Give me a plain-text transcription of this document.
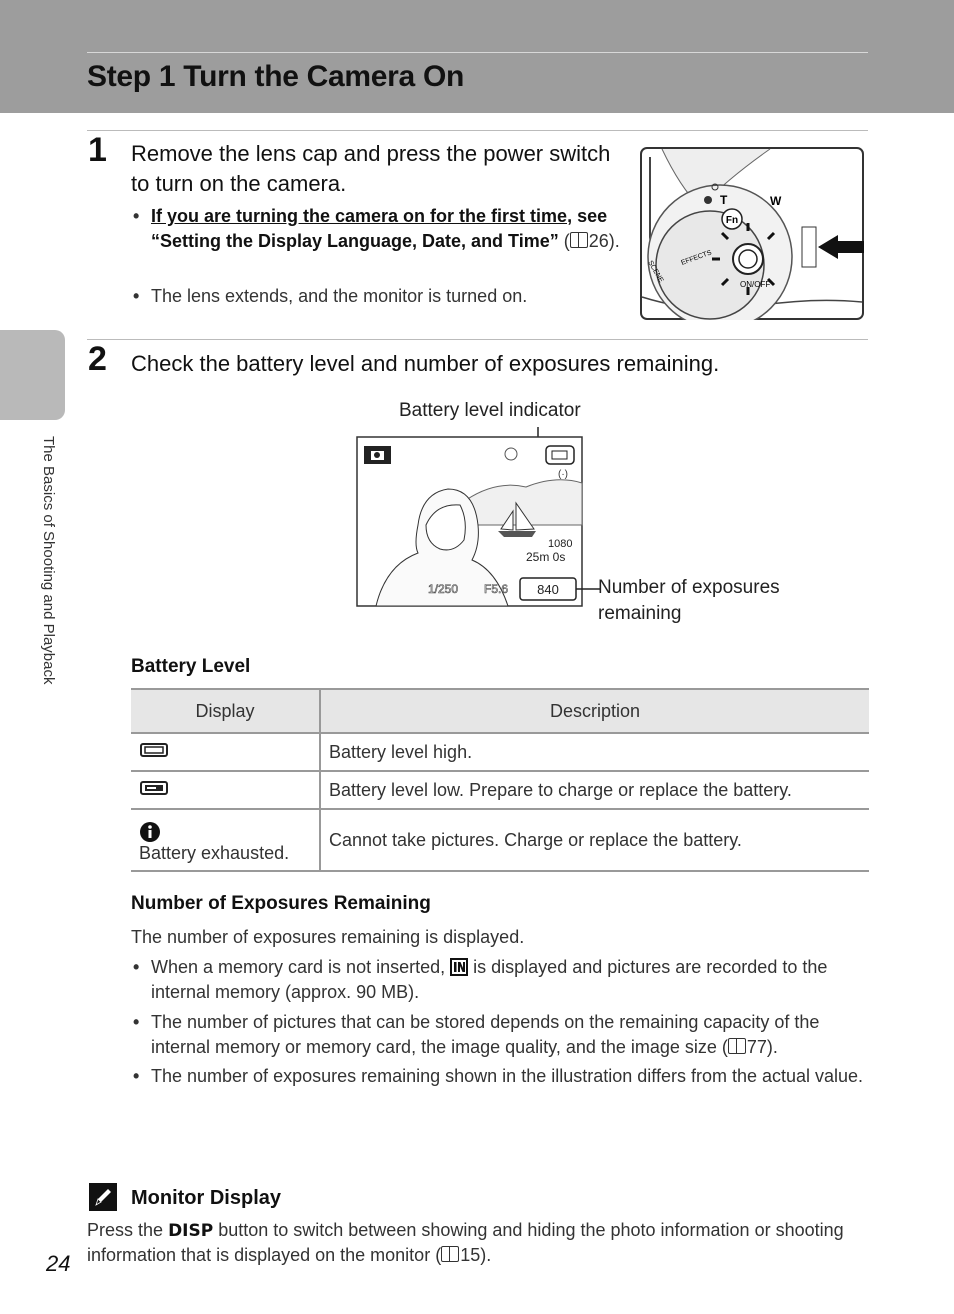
Step 1 Turn the Camera On
The Basics of Shooting and Playback
1 Remove the lens cap and press the power switch to turn on the camera.
• If you are turning the camera on for the first time, see “Setting the Display Language, Date, and Time” ( 26).
• The lens extends, and the monitor is turned on.
Fn
T	W
ON/OFF
SCENE
EFFECTS
2 Check the battery level and number of exposures remaining.
Battery level indicator
Number of exposures remaining
(·)
1080
25m 0s
1/250 F5.6 840
Battery Level
Display	Description
	Battery level high.
	Battery level low. Prepare to charge or replace the battery.

Battery exhausted.	Cannot take pictures. Charge or replace the battery.
Number of Exposures Remaining
The number of exposures remaining is displayed.
• When a memory card is not inserted, is displayed and pictures are recorded to the internal memory (approx. 90 MB).
• The number of pictures that can be stored depends on the remaining capacity of the internal memory or memory card, the image quality, and the image size ( 77).
• The number of exposures remaining shown in the illustration differs from the actual value.
Monitor Display
Press the DISP button to switch between showing and hiding the photo information or shooting information that is displayed on the monitor ( 15).
24
